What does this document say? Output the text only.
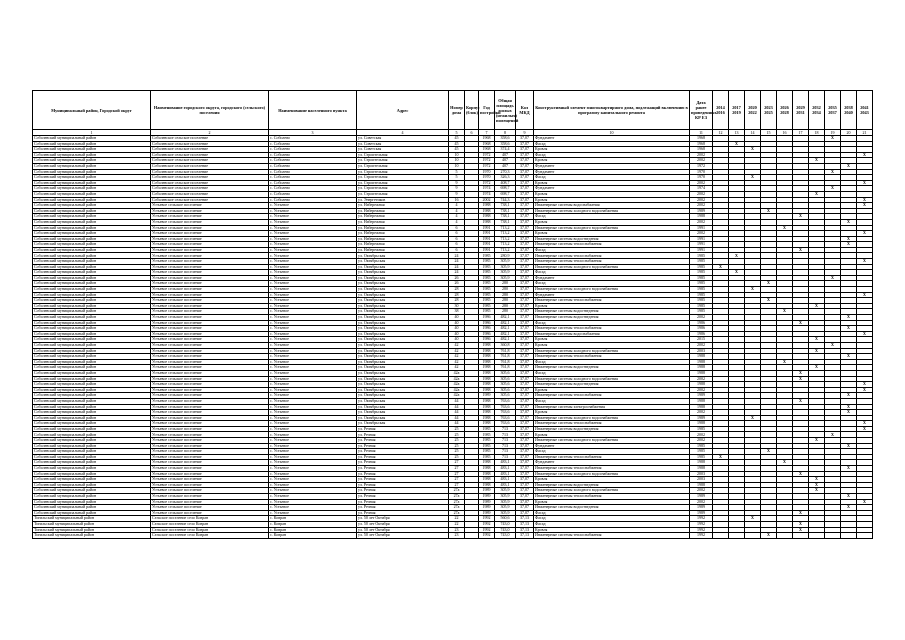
Муниципальный район, Городской округ	Наименование городского округа, городского (сельского) поселения	Наименование населенного пункта	Адрес	Номер дома	Корпус (блок)	Год постройки	Общая площадь жилых (нежилых) помещений	Кол МКД	Конструктивный элемент многоквартирного дома, подлежащий включению в программу капитального ремонта	Дата ранее проведенных КР ЕЗ	2014 2016	2017 2019	2020 2022	2023 2025	2026 2028	2029 2031	2032 2034	2035 2037	2038 2040	2041 2043
1	2	3	4	5	6	7	8	9	10	11	12	13	14	15	16	17	18	19	20	21
Соболевский муниципальный район	Соболевское сельское поселение	с. Соболево	ул. Советская	45		1968	358,6	37,07	Фундамент	1968								X		
Соболевский муниципальный район	Соболевское сельское поселение	с. Соболево	ул. Советская	45		1968	358,6	37,07	Фасад	1968		X								
Соболевский муниципальный район	Соболевское сельское поселение	с. Соболево	ул. Советская	45		1968	374,4	37,07	Кровля	1968			X							
Соболевский муниципальный район	Соболевское сельское поселение	с. Соболево	ул. Строительная	10		1972	407	37,07	Фасад	2002										X
Соболевский муниципальный район	Соболевское сельское поселение	с. Соболево	ул. Строительная	10		1972	407	37,07	Кровля	2002							X			
Соболевский муниципальный район	Соболевское сельское поселение	с. Соболево	ул. Строительная	10		1972	407	37,07	Фундамент	1972									X	
Соболевский муниципальный район	Соболевское сельское поселение	с. Соболево	ул. Строительная	5		1970	270,3	37,07	Фундамент	1970								X		
Соболевский муниципальный район	Соболевское сельское поселение	с. Соболево	ул. Строительная	5		1970	326,3	37,07	Фасад	1970			X							
Соболевский муниципальный район	Соболевское сельское поселение	с. Соболево	ул. Строительная	9		1972	408,7	37,07	Кровля	2002										X
Соболевский муниципальный район	Соболевское сельское поселение	с. Соболево	ул. Строительная	9		1974	698,7	37,07	Фундамент	1974								X		
Соболевский муниципальный район	Соболевское сельское поселение	с. Соболево	ул. Строительная	9		1974	698,7	37,07	Кровля	2002							X			
Соболевский муниципальный район	Соболевское сельское поселение	с. Соболево	ул. Энергетиков	16		2002	744,3	37,07	Кровля	2002										X
Соболевский муниципальный район	Устьевое сельское поселение	с. Устьевое	ул. Набережная	4		1988	738,1	37,07	Инженерные системы водоснабжения	2002										X
Соболевский муниципальный район	Устьевое сельское поселение	с. Устьевое	ул. Набережная	4		1988	738,1	37,07	Инженерные системы холодного водоснабжения	1989				X						
Соболевский муниципальный район	Устьевое сельское поселение	с. Устьевое	ул. Набережная	4		1988	738,1	37,07	Фасад	1988						X				
Соболевский муниципальный район	Устьевое сельское поселение	с. Устьевое	ул. Набережная	4		1988	738,1	37,07	Кровля	2002									X	
Соболевский муниципальный район	Устьевое сельское поселение	с. Устьевое	ул. Набережная	6		1991	713,2	37,07	Инженерные системы холодного водоснабжения	1991					X					
Соболевский муниципальный район	Устьевое сельское поселение	с. Устьевое	ул. Набережная	6		1991	713,2	37,07	Кровля	2002										X
Соболевский муниципальный район	Устьевое сельское поселение	с. Устьевое	ул. Набережная	6		1991	713,2	37,07	Инженерные системы водоотведения	1991									X	
Соболевский муниципальный район	Устьевое сельское поселение	с. Устьевое	ул. Набережная	6		1991	713,2	37,07	Инженерные системы теплоснабжения	1991									X	
Соболевский муниципальный район	Устьевое сельское поселение	с. Устьевое	ул. Набережная	6		1991	713,2	37,07	Фасад	1991						X				
Соболевский муниципальный район	Устьевое сельское поселение	с. Устьевое	ул. Октябрьская	24		1985	280,9	37,07	Инженерные системы теплоснабжения	1985		X								
Соболевский муниципальный район	Устьевое сельское поселение	с. Устьевое	ул. Октябрьская	24		1985	305,9	37,07	Инженерные системы теплоснабжения	1985										X
Соболевский муниципальный район	Устьевое сельское поселение	с. Устьевое	ул. Октябрьская	24		1985	305,9	37,07	Инженерные системы холодного водоснабжения	1985	X									
Соболевский муниципальный район	Устьевое сельское поселение	с. Устьевое	ул. Октябрьская	24		1985	305,9	37,07	Фасад	1985		X								
Соболевский муниципальный район	Устьевое сельское поселение	с. Устьевое	ул. Октябрьская	26		1985	305,9	37,07	Фундамент	1985								X		
Соболевский муниципальный район	Устьевое сельское поселение	с. Устьевое	ул. Октябрьская	26		1985	280	37,07	Фасад	1985				X						
Соболевский муниципальный район	Устьевое сельское поселение	с. Устьевое	ул. Октябрьская	28		1985	280	37,07	Инженерные системы холодного водоснабжения	1985			X							
Соболевский муниципальный район	Устьевое сельское поселение	с. Устьевое	ул. Октябрьская	28		1985	280	37,07	Фундамент	1985										X
Соболевский муниципальный район	Устьевое сельское поселение	с. Устьевое	ул. Октябрьская	28		1985	280	37,07	Инженерные системы теплоснабжения	1985				X						
Соболевский муниципальный район	Устьевое сельское поселение	с. Устьевое	ул. Октябрьская	30		1985	280	37,07	Кровля	1985							X			
Соболевский муниципальный район	Устьевое сельское поселение	с. Устьевое	ул. Октябрьская	38		1985	280	37,07	Инженерные системы водоотведения	1985					X					
Соболевский муниципальный район	Устьевое сельское поселение	с. Устьевое	ул. Октябрьская	40		1986	482,1	37,07	Инженерные системы водоотведения	2002									X	
Соболевский муниципальный район	Устьевое сельское поселение	с. Устьевое	ул. Октябрьская	40		1986	482,1	37,07	Фасад	1986						X				
Соболевский муниципальный район	Устьевое сельское поселение	с. Устьевое	ул. Октябрьская	40		1986	482,1	37,07	Инженерные системы теплоснабжения	1986									X	
Соболевский муниципальный район	Устьевое сельское поселение	с. Устьевое	ул. Октябрьская	40		1986	482,1	37,07	Инженерные системы водоснабжения	1986										X
Соболевский муниципальный район	Устьевое сельское поселение	с. Устьевое	ул. Октябрьская	40		1986	482,1	37,07	Кровля	2015							X			
Соболевский муниципальный район	Устьевое сельское поселение	с. Устьевое	ул. Октябрьская	42		1988	360,8	37,07	Кровля	2002								X		
Соболевский муниципальный район	Устьевое сельское поселение	с. Устьевое	ул. Октябрьская	42		1988	761,8	37,07	Инженерные системы холодного водоснабжения	2003							X			
Соболевский муниципальный район	Устьевое сельское поселение	с. Устьевое	ул. Октябрьская	42		1988	761,8	37,07	Инженерные системы теплоснабжения	1988									X	
Соболевский муниципальный район	Устьевое сельское поселение	с. Устьевое	ул. Октябрьская	42		1988	761,8	37,07	Фасад	1988					X					
Соболевский муниципальный район	Устьевое сельское поселение	с. Устьевое	ул. Октябрьская	42		1988	761,8	37,07	Инженерные системы водоотведения	1988							X			
Соболевский муниципальный район	Устьевое сельское поселение	с. Устьевое	ул. Октябрьская	42а		1988	305,6	37,07	Фасад	1988						X				
Соболевский муниципальный район	Устьевое сельское поселение	с. Устьевое	ул. Октябрьская	42а		1988	305,6	37,07	Инженерные системы холодного водоснабжения	2002						X				
Соболевский муниципальный район	Устьевое сельское поселение	с. Устьевое	ул. Октябрьская	42а		1988	305,6	37,07	Инженерные системы водоотведения	1988										X
Соболевский муниципальный район	Устьевое сельское поселение	с. Устьевое	ул. Октябрьская	42а		1988	305,6	37,07	Кровля	2002										X
Соболевский муниципальный район	Устьевое сельское поселение	с. Устьевое	ул. Октябрьская	42а		1989	305,6	37,07	Инженерные системы теплоснабжения	1989									X	
Соболевский муниципальный район	Устьевое сельское поселение	с. Устьевое	ул. Октябрьская	44		1988	763,6	37,07	Фасад	1988						X				
Соболевский муниципальный район	Устьевое сельское поселение	с. Устьевое	ул. Октябрьская	44		1988	763,6	37,07	Инженерные системы электроснабжения	1988									X	
Соболевский муниципальный район	Устьевое сельское поселение	с. Устьевое	ул. Октябрьская	44		1988	763,6	37,07	Кровля	2002									X	
Соболевский муниципальный район	Устьевое сельское поселение	с. Устьевое	ул. Октябрьская	44		1988	763,6	37,07	Инженерные системы холодного водоснабжения	1989			X							
Соболевский муниципальный район	Устьевое сельское поселение	с. Устьевое	ул. Октябрьская	44		1988	763,6	37,07	Инженерные системы теплоснабжения	1988										X
Соболевский муниципальный район	Устьевое сельское поселение	с. Устьевое	ул. Речная	25		1985	713	37,07	Инженерные системы водоотведения	1985										X
Соболевский муниципальный район	Устьевое сельское поселение	с. Устьевое	ул. Речная	25		1985	713	37,07	Кровля	2002								X		
Соболевский муниципальный район	Устьевое сельское поселение	с. Устьевое	ул. Речная	25		1985	713	37,07	Инженерные системы холодного водоснабжения	2002							X			
Соболевский муниципальный район	Устьевое сельское поселение	с. Устьевое	ул. Речная	25		1985	713	37,07	Фундамент	1985									X	
Соболевский муниципальный район	Устьевое сельское поселение	с. Устьевое	ул. Речная	25		1985	713	37,07	Фасад	1985				X						
Соболевский муниципальный район	Устьевое сельское поселение	с. Устьевое	ул. Речная	25		1985	713	37,07	Инженерные системы теплоснабжения	1985	X									
Соболевский муниципальный район	Устьевое сельское поселение	с. Устьевое	ул. Речная	27		1988	483,1	37,07	Фундамент	1988					X					
Соболевский муниципальный район	Устьевое сельское поселение	с. Устьевое	ул. Речная	27		1988	483,1	37,07	Инженерные системы теплоснабжения	1988									X	
Соболевский муниципальный район	Устьевое сельское поселение	с. Устьевое	ул. Речная	27		1988	483,1	37,07	Инженерные системы холодного водоснабжения	2003						X				
Соболевский муниципальный район	Устьевое сельское поселение	с. Устьевое	ул. Речная	27		1988	483,1	37,07	Кровля	2003							X			
Соболевский муниципальный район	Устьевое сельское поселение	с. Устьевое	ул. Речная	27		1988	483,1	37,07	Инженерные системы водоотведения	1988							X			
Соболевский муниципальный район	Устьевое сельское поселение	с. Устьевое	ул. Речная	27а		1989	305,9	37,07	Инженерные системы холодного водоснабжения	2002							X			
Соболевский муниципальный район	Устьевое сельское поселение	с. Устьевое	ул. Речная	27а		1989	305,9	37,07	Инженерные системы теплоснабжения	1989									X	
Соболевский муниципальный район	Устьевое сельское поселение	с. Устьевое	ул. Речная	27а		1989	305,9	37,07	Кровля	2002										X
Соболевский муниципальный район	Устьевое сельское поселение	с. Устьевое	ул. Речная	27а		1989	305,9	37,07	Инженерные системы водоотведения	1989									X	
Соболевский муниципальный район	Устьевое сельское поселение	с. Устьевое	ул. Речная	27а		1989	305,9	37,07	Фасад	1989						X				
Тигильский муниципальный район	Сельское поселение село Ковран	с. Ковран	ул. 50 лет Октября	22		1992	560,6	37,13	Фасад	1992			X							
Тигильский муниципальный район	Сельское поселение село Ковран	с. Ковран	ул. 50 лет Октября	22		1992	743,0	37,13	Фасад	1992						X				
Тигильский муниципальный район	Сельское поселение село Ковран	с. Ковран	ул. 50 лет Октября	23		1992	743,0	37,13	Кровля	1992						X				
Тигильский муниципальный район	Сельское поселение село Ковран	с. Ковран	ул. 50 лет Октября	23		1992	743,0	37,13	Инженерные системы теплоснабжения	1992				X						
